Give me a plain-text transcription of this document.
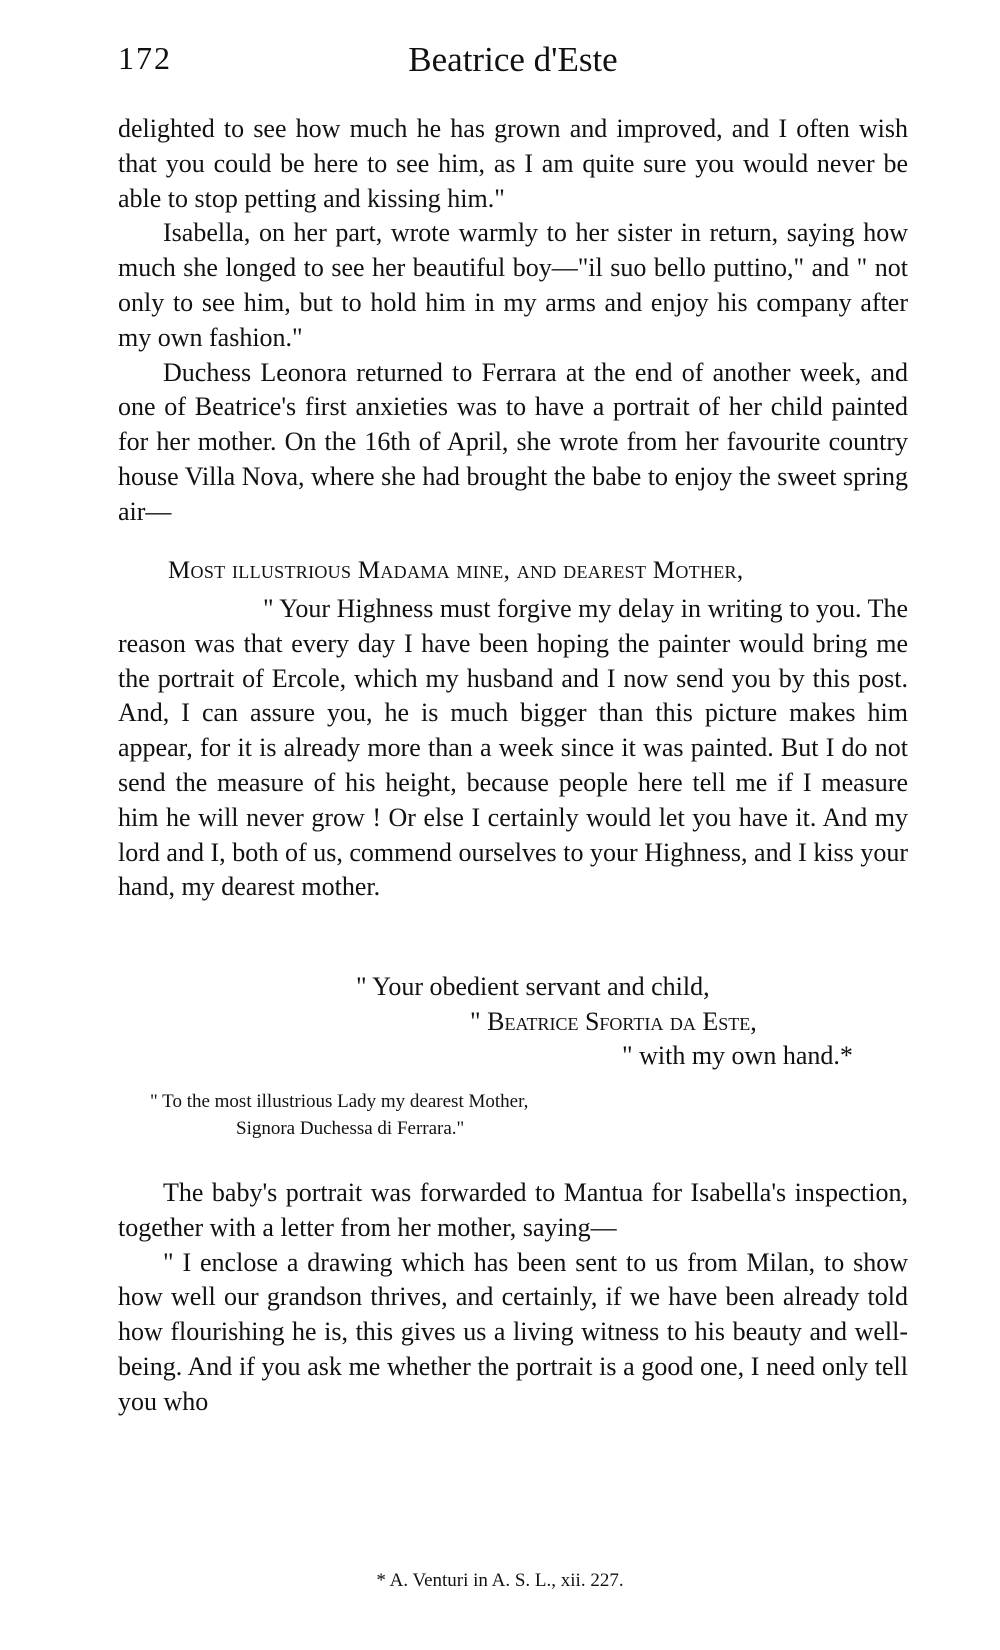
172	Beatrice d'Este

delighted to see how much he has grown and improved, and I often wish that you could be here to see him, as I am quite sure you would never be able to stop petting and kissing him."

Isabella, on her part, wrote warmly to her sister in return, saying how much she longed to see her beautiful boy—"il suo bello puttino," and " not only to see him, but to hold him in my arms and enjoy his company after my own fashion."

Duchess Leonora returned to Ferrara at the end of another week, and one of Beatrice's first anxieties was to have a portrait of her child painted for her mother. On the 16th of April, she wrote from her favourite country house Villa Nova, where she had brought the babe to enjoy the sweet spring air—

Most illustrious Madama mine, and dearest Mother,

" Your Highness must forgive my delay in writing to you. The reason was that every day I have been hoping the painter would bring me the portrait of Ercole, which my husband and I now send you by this post. And, I can assure you, he is much bigger than this picture makes him appear, for it is already more than a week since it was painted. But I do not send the measure of his height, because people here tell me if I measure him he will never grow ! Or else I certainly would let you have it. And my lord and I, both of us, commend ourselves to your Highness, and I kiss your hand, my dearest mother.

" Your obedient servant and child,
" Beatrice Sfortia da Este,
" with my own hand.*
" To the most illustrious Lady my dearest Mother,
Signora Duchessa di Ferrara."

The baby's portrait was forwarded to Mantua for Isabella's inspection, together with a letter from her mother, saying—

" I enclose a drawing which has been sent to us from Milan, to show how well our grandson thrives, and certainly, if we have been already told how flourishing he is, this gives us a living witness to his beauty and well-being. And if you ask me whether the portrait is a good one, I need only tell you who

* A. Venturi in A. S. L., xii. 227.
